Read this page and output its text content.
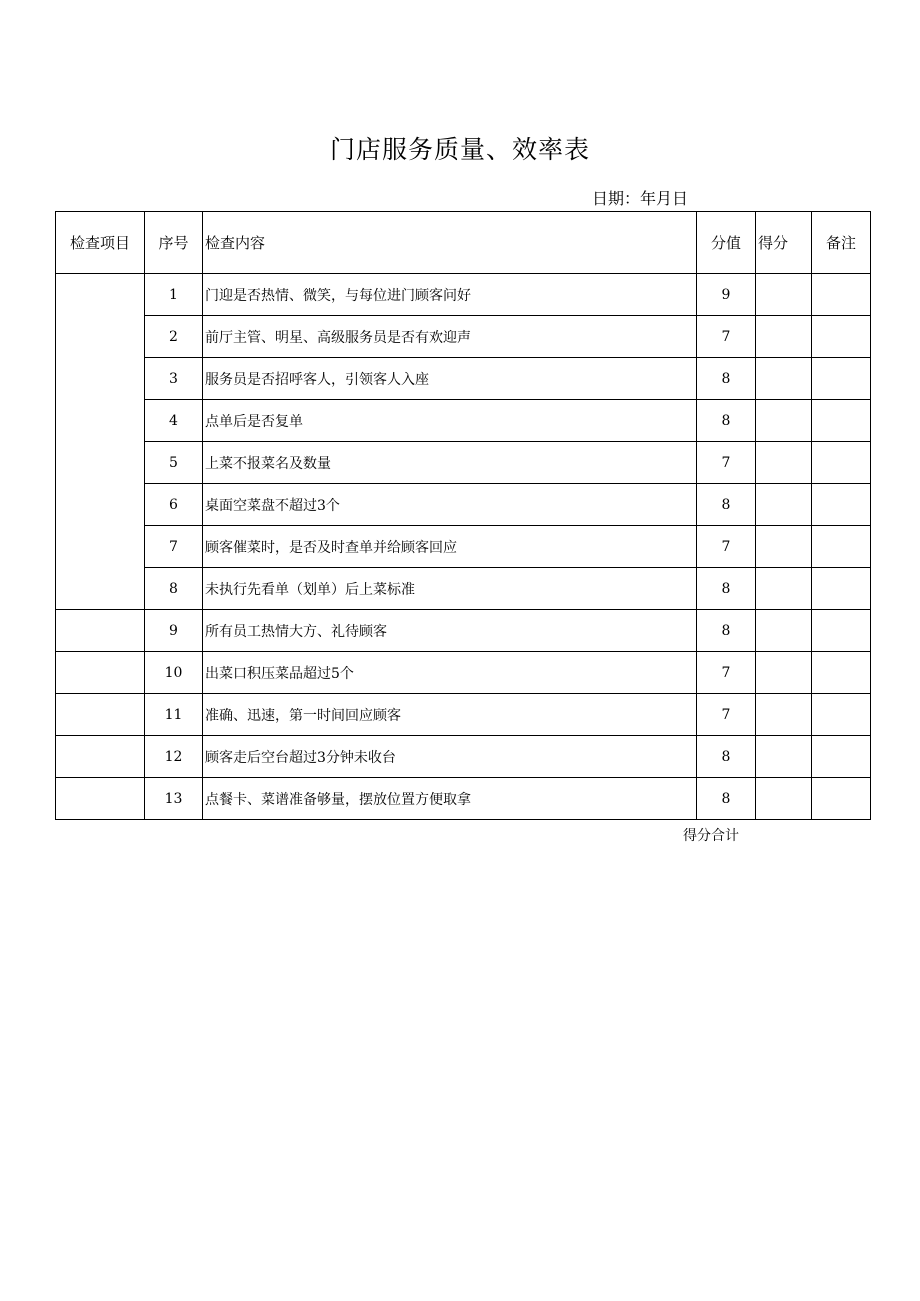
门店服务质量、效率表
日期：年月日
检查项目	序号	检查内容	分值	得分	备注
	1	门迎是否热情、微笑，与每位进门顾客问好	9		
	2	前厅主管、明星、高级服务员是否有欢迎声	7		
	3	服务员是否招呼客人，引领客人入座	8		
	4	点单后是否复单	8		
	5	上菜不报菜名及数量	7		
	6	桌面空菜盘不超过3个	8		
	7	顾客催菜时，是否及时查单并给顾客回应	7		
	8	未执行先看单（划单）后上菜标准	8		
	9	所有员工热情大方、礼待顾客	8		
	10	出菜口积压菜品超过5个	7		
	11	准确、迅速，第一时间回应顾客	7		
	12	顾客走后空台超过3分钟未收台	8		
	13	点餐卡、菜谱准备够量，摆放位置方便取拿	8		
得分合计
